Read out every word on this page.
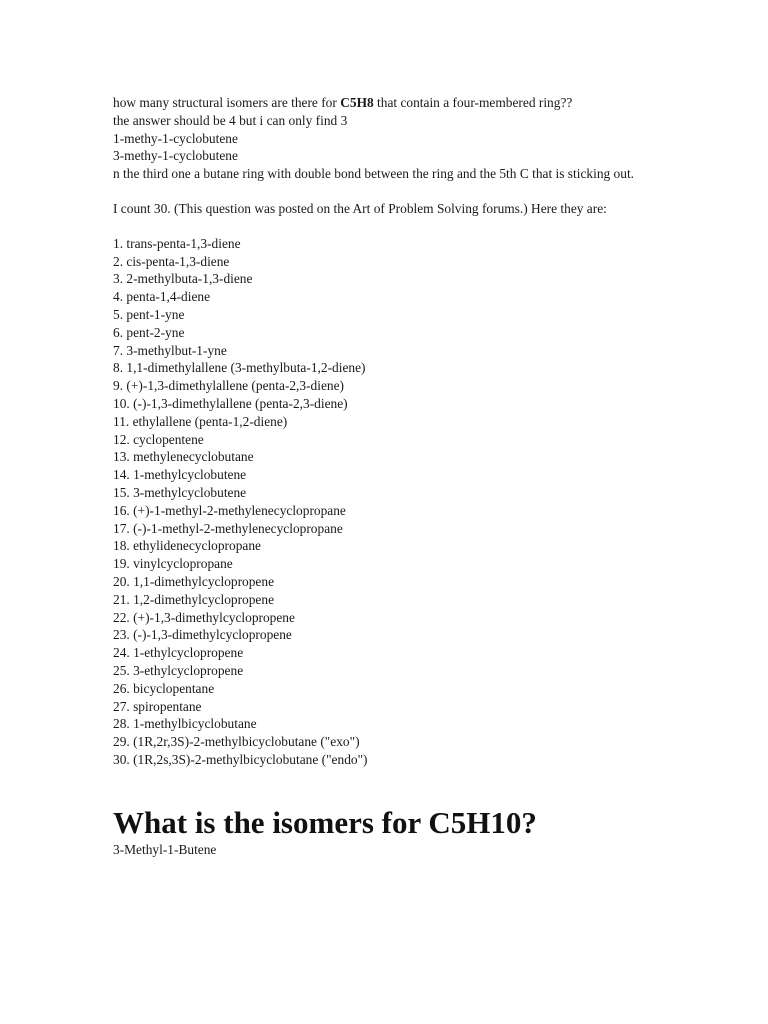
how many structural isomers are there for C5H8 that contain a four-membered ring??
the answer should be 4 but i can only find 3
1-methy-1-cyclobutene
3-methy-1-cyclobutene
n the third one a butane ring with double bond between the ring and the 5th C that is sticking out.
I count 30. (This question was posted on the Art of Problem Solving forums.) Here they are:
1. trans-penta-1,3-diene
2. cis-penta-1,3-diene
3. 2-methylbuta-1,3-diene
4. penta-1,4-diene
5. pent-1-yne
6. pent-2-yne
7. 3-methylbut-1-yne
8. 1,1-dimethylallene (3-methylbuta-1,2-diene)
9. (+)-1,3-dimethylallene (penta-2,3-diene)
10. (-)-1,3-dimethylallene (penta-2,3-diene)
11. ethylallene (penta-1,2-diene)
12. cyclopentene
13. methylenecyclobutane
14. 1-methylcyclobutene
15. 3-methylcyclobutene
16. (+)-1-methyl-2-methylenecyclopropane
17. (-)-1-methyl-2-methylenecyclopropane
18. ethylidenecyclopropane
19. vinylcyclopropane
20. 1,1-dimethylcyclopropene
21. 1,2-dimethylcyclopropene
22. (+)-1,3-dimethylcyclopropene
23. (-)-1,3-dimethylcyclopropene
24. 1-ethylcyclopropene
25. 3-ethylcyclopropene
26. bicyclopentane
27. spiropentane
28. 1-methylbicyclobutane
29. (1R,2r,3S)-2-methylbicyclobutane ("exo")
30. (1R,2s,3S)-2-methylbicyclobutane ("endo")
What is the isomers for C5H10?
3-Methyl-1-Butene
